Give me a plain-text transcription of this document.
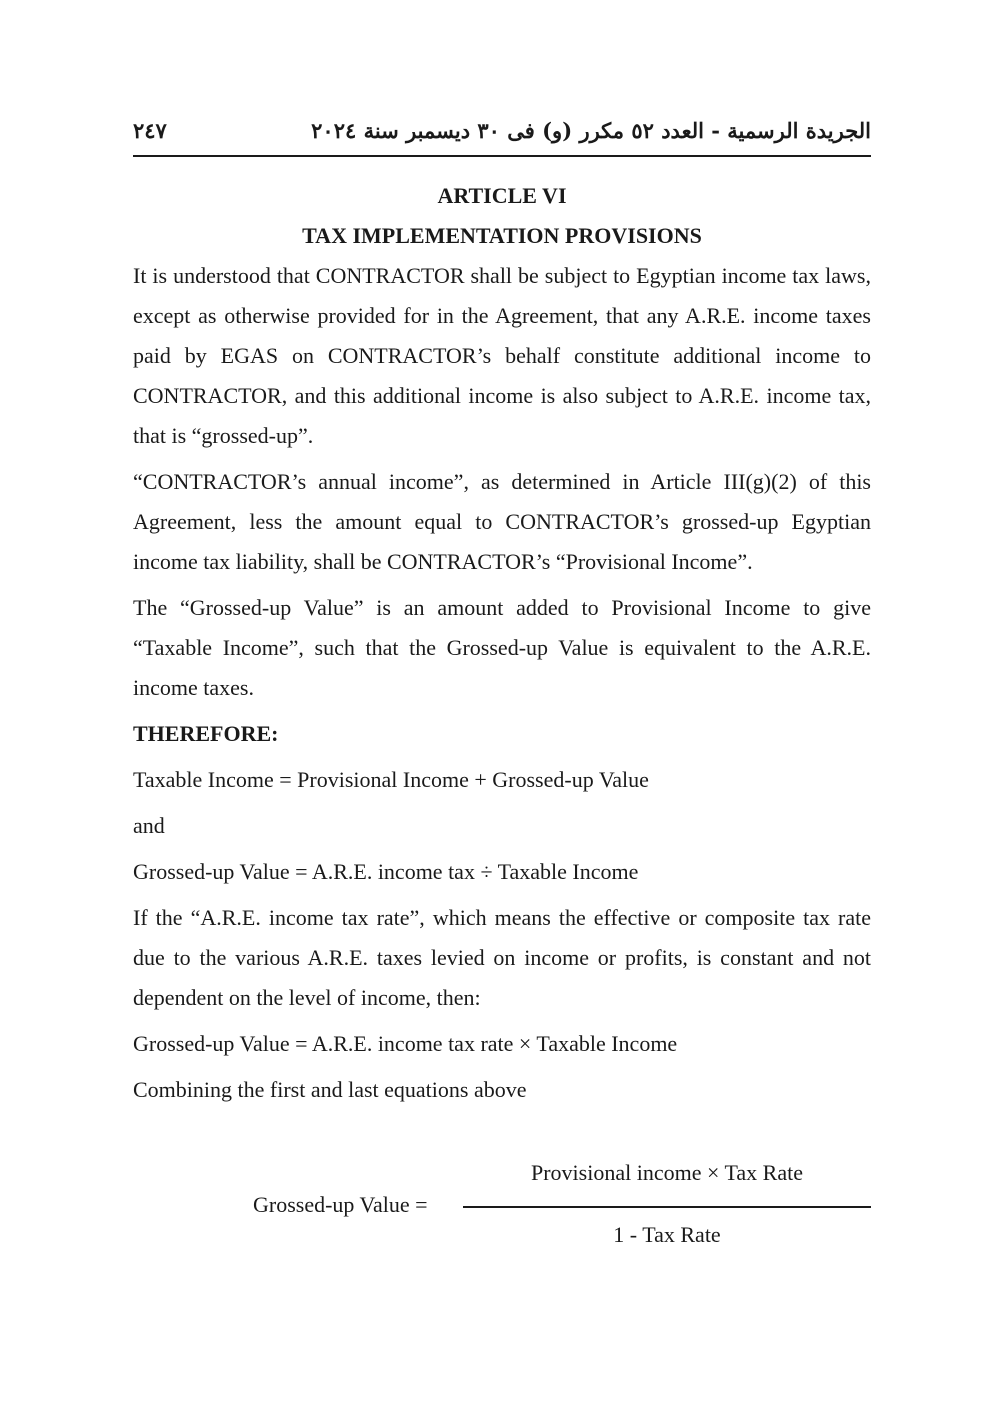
٢٤٧	الجريدة الرسمية - العدد ٥٢ مكرر (و) فى ٣٠ ديسمبر سنة ٢٠٢٤
ARTICLE VI
TAX IMPLEMENTATION PROVISIONS

It is understood that CONTRACTOR shall be subject to Egyptian income tax laws, except as otherwise provided for in the Agreement, that any A.R.E. income taxes paid by EGAS on CONTRACTOR’s behalf constitute additional income to CONTRACTOR, and this additional income is also subject to A.R.E. income tax, that is “grossed-up”.

“CONTRACTOR’s annual income”, as determined in Article III(g)(2) of this Agreement, less the amount equal to CONTRACTOR’s grossed-up Egyptian income tax liability, shall be CONTRACTOR’s “Provisional Income”.

The “Grossed-up Value” is an amount added to Provisional Income to give “Taxable Income”, such that the Grossed-up Value is equivalent to the A.R.E. income taxes.

THEREFORE:

Taxable Income = Provisional Income + Grossed-up Value

and

Grossed-up Value = A.R.E. income tax ÷ Taxable Income

If the “A.R.E. income tax rate”, which means the effective or composite tax rate due to the various A.R.E. taxes levied on income or profits, is constant and not dependent on the level of income, then:

Grossed-up Value = A.R.E. income tax rate × Taxable Income

Combining the first and last equations above

Grossed-up Value =
Provisional income × Tax Rate
1 - Tax Rate
